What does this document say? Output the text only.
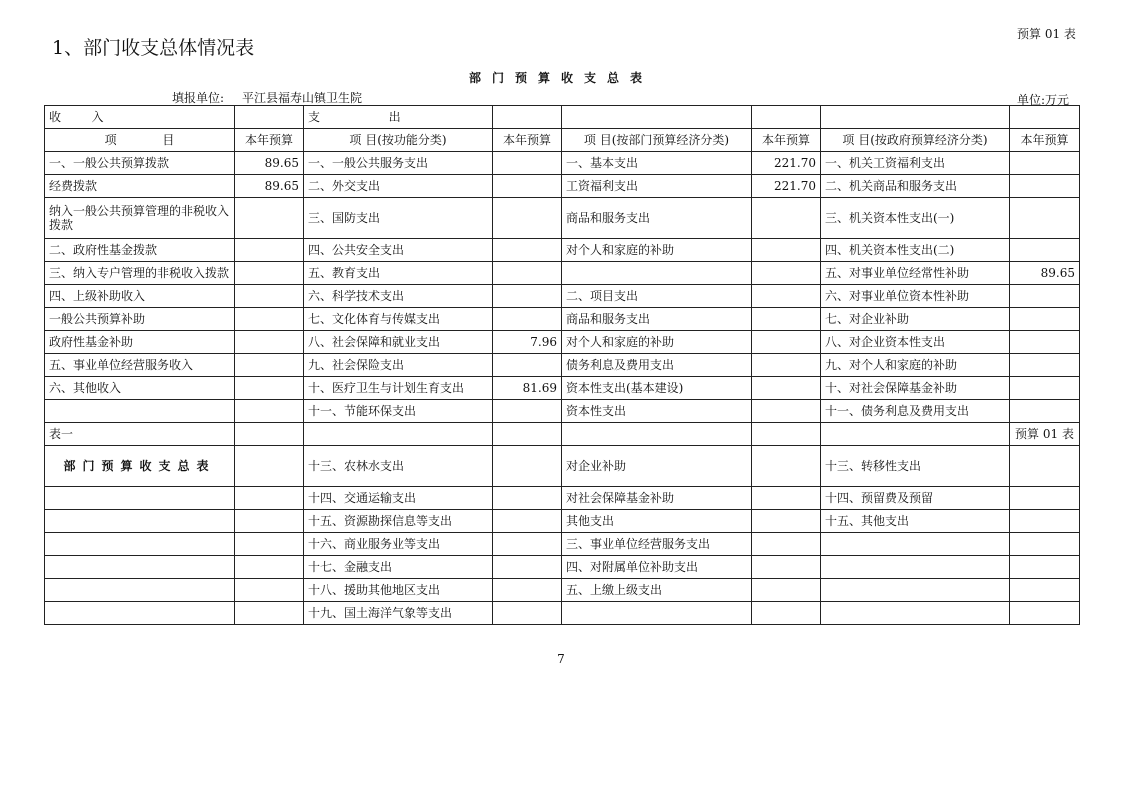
1、部门收支总体情况表
预算 01 表
部门预算收支总表
填报单位: 平江县福寿山镇卫生院	单位:万元
收        入		支                  出					
项            目	本年预算	项 目(按功能分类)	本年预算	项 目(按部门预算经济分类)	本年预算	项 目(按政府预算经济分类)	本年预算
一、一般公共预算拨款	89.65	一、一般公共服务支出		一、基本支出	221.70	一、机关工资福利支出	
经费拨款	89.65	二、外交支出		工资福利支出	221.70	二、机关商品和服务支出	
纳入一般公共预算管理的非税收入拨款		三、国防支出		商品和服务支出		三、机关资本性支出(一)	
二、政府性基金拨款		四、公共安全支出		对个人和家庭的补助		四、机关资本性支出(二)	
三、纳入专户管理的非税收入拨款		五、教育支出				五、对事业单位经常性补助	89.65
四、上级补助收入		六、科学技术支出		二、项目支出		六、对事业单位资本性补助	
一般公共预算补助		七、文化体育与传媒支出		商品和服务支出		七、对企业补助	
政府性基金补助		八、社会保障和就业支出	7.96	对个人和家庭的补助		八、对企业资本性支出	
五、事业单位经营服务收入		九、社会保险支出		债务利息及费用支出		九、对个人和家庭的补助	
六、其他收入		十、医疗卫生与计划生育支出	81.69	资本性支出(基本建设)		十、对社会保障基金补助	
		十一、节能环保支出		资本性支出		十一、债务利息及费用支出	
表一							预算 01 表
部门预算收支总表		十三、农林水支出		对企业补助		十三、转移性支出	
		十四、交通运输支出		对社会保障基金补助		十四、预留费及预留	
		十五、资源勘探信息等支出		其他支出		十五、其他支出	
		十六、商业服务业等支出		三、事业单位经营服务支出			
		十七、金融支出		四、对附属单位补助支出			
		十八、援助其他地区支出		五、上缴上级支出			
		十九、国土海洋气象等支出					
7
